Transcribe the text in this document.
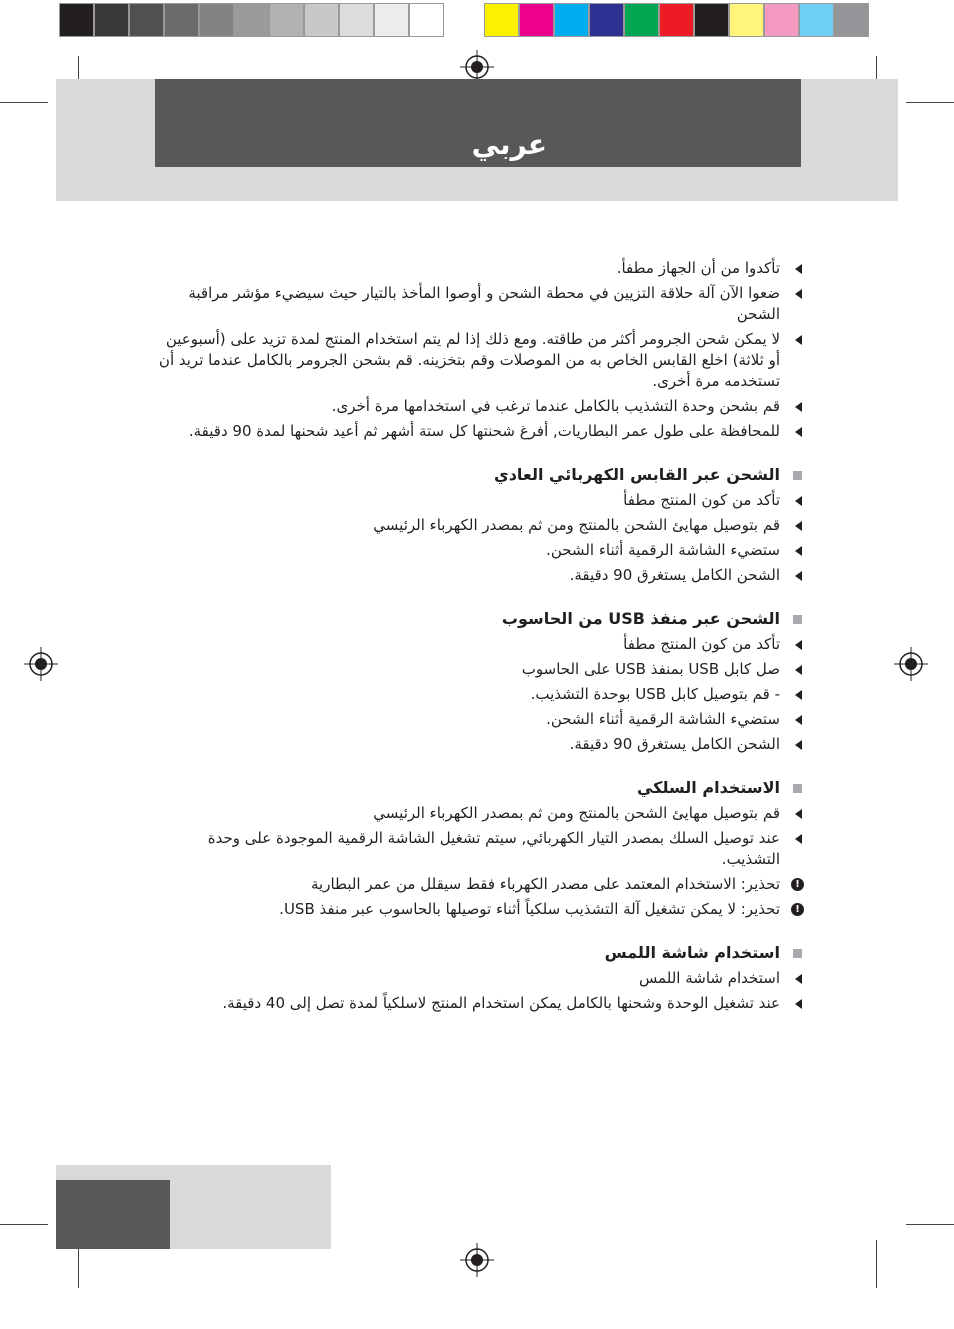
عربي
تأكدوا من أن الجهاز مطفأ.
ضعوا الآن آلة حلاقة التزيين في محطة الشحن و أوصوا المأخذ بالتيار حيث سيضيء مؤشر مراقبة الشحن
لا يمكن شحن الجرومر أكثر من طاقته. ومع ذلك إذا لم يتم استخدام المنتج لمدة تزيد على (أسبوعين أو ثلاثة) اخلع القابس الخاص به من الموصلات وقم بتخزينه. قم بشحن الجرومر بالكامل عندما تريد أن تستخدمه مرة أخرى.
قم بشحن وحدة التشذيب بالكامل عندما ترغب في استخدامها مرة أخرى.
للمحافظة على طول عمر البطاريات, أفرغ شحنتها كل ستة أشهر ثم أعيد شحنها لمدة 90 دقيقة.
الشحن عبر القابس الكهربائي العادي
تأكد من كون المنتج مطفأ
قم بتوصيل مهايئ الشحن بالمنتج ومن ثم بمصدر الكهرباء الرئيسي
ستضيء الشاشة الرقمية أثناء الشحن.
الشحن الكامل يستغرق 90 دقيقة.
الشحن عبر منفذ USB من الحاسوب
تأكد من كون المنتج مطفأ
صل كابل USB بمنفذ USB على الحاسوب
- قم بتوصيل كابل USB بوحدة التشذيب.
ستضيء الشاشة الرقمية أثناء الشحن.
الشحن الكامل يستغرق 90 دقيقة.
الاستخدام السلكي
قم بتوصيل مهايئ الشحن بالمنتج ومن ثم بمصدر الكهرباء الرئيسي
عند توصيل السلك بمصدر التيار الكهربائي, سيتم تشغيل الشاشة الرقمية الموجودة على وحدة التشذيب.
!
تحذير: الاستخدام المعتمد على مصدر الكهرباء فقط سيقلل من عمر البطارية
!
تحذير: لا يمكن تشغيل آلة التشذيب سلكياً أثناء توصيلها بالحاسوب عبر منفذ USB.
استخدام شاشة اللمس
استخدام شاشة اللمس
عند تشغيل الوحدة وشحنها بالكامل يمكن استخدام المنتج لاسلكياً لمدة تصل إلى 40 دقيقة.
